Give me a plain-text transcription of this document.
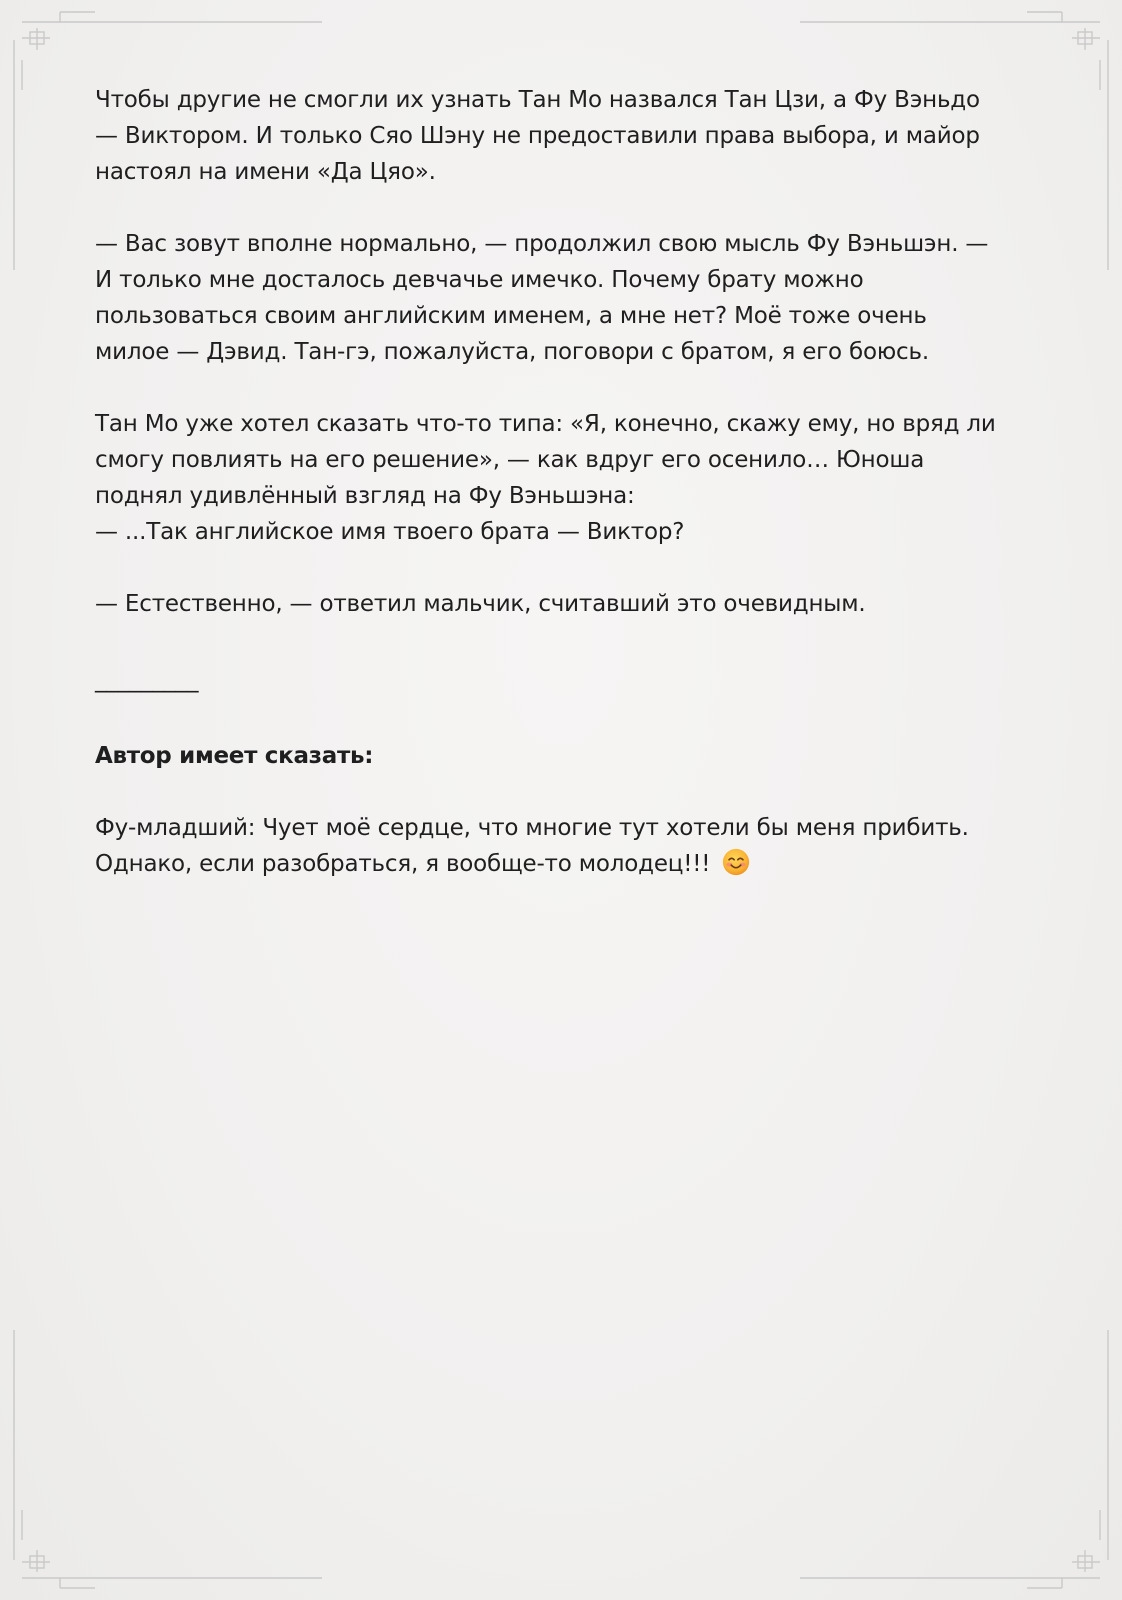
Чтобы другие не смогли их узнать Тан Мо назвался Тан Цзи, а Фу Вэньдо
— Виктором. И только Сяо Шэну не предоставили права выбора, и майор
настоял на имени «Да Цяо».

— Вас зовут вполне нормально, — продолжил свою мысль Фу Вэньшэн. —
И только мне досталось девчачье имечко. Почему брату можно
пользоваться своим английским именем, а мне нет? Моё тоже очень
милое — Дэвид. Тан-гэ, пожалуйста, поговори с братом, я его боюсь.

Тан Мо уже хотел сказать что-то типа: «Я, конечно, скажу ему, но вряд ли
смогу повлиять на его решение», — как вдруг его осенило… Юноша
поднял удивлённый взгляд на Фу Вэньшэна:
— ...Так английское имя твоего брата — Виктор?

— Естественно, — ответил мальчик, считавший это очевидным.

_________
Автор имеет сказать:

Фу-младший: Чует моё сердце, что многие тут хотели бы меня прибить.
Однако, если разобраться, я вообще-то молодец!!!
